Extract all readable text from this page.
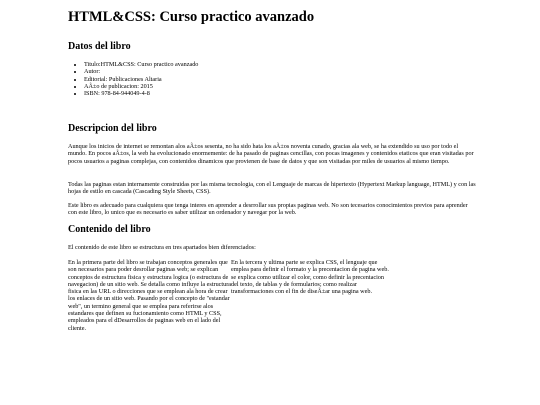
HTML&CSS: Curso practico avanzado
Datos del libro
• Titulo:HTML&CSS: Curso practico avanzado
• Autor:
• Editorial: Publicaciones Altaria
• AÃ±o de publicacion: 2015
• ISBN: 978-84-944049-4-8
Descripcion del libro

Aunque los inicios de internet se remontan alos aÃ±os sesenta, no ha sido hata los aÃ±os noventa cunado, gracias ala web, se ha extendido su uso por todo el mundo. En pocos aÃ±os, la web ha evolucionado enormemente: de ha pasado de paginas cencillas, con pocas imagenes y contenidos etaticos que eran visitadas por pocos usuarios a paginas complejas, con contenidos dinamicos que provienen de base de datos y que son visitadas por miles de usuarios al mismo tiempo.

Todas las paginas estan internamente construidas por las misma tecnologia, con el Lenguaje de marcas de hipertexto (Hypertext Markup language, HTML) y con las hojas de estilo en cascada (Cascading Style Sheets, CSS).

Este libro es adecuado para cualquiera que tenga interes en aprender a desrrollar sus propias paginas web. No son tecesarios conocimientos previos para aprender con este libro, lo unico que es necesario es saber utilizar un ordenador y navegar por la web.

Contenido del libro

El contenido de este libro se estructura en tres apartados bien diferenciados:

En la primera parte del libro se trabajan conceptos generales que son necesarios para poder desrollar paginas web; se explican conceptos de estructura fisica y estructura logica (o estructura de navegacion) de un sitio web. Se detalla como influye la estructura fisica en las URL o direcciones que se emplean ala hora de crear los enlaces de un sitio web. Pasando por el concepto de "estandar web", un termino general que se emplea para referirse alos estandares que definen su fucionamiento como HTML y CSS, empleados para el dDesarrollos de paginas web en el lado del cliente.

En la tercera y ultima parte se explica CSS, el lenguaje que emplea para definir el formato y la precentacion de pagina web. se explica como utilizar el color, como definir la precentacion del texto, de tablas y de formularios; como realizar transformaciones con el fin de diseÃ±ar una pagina web.
